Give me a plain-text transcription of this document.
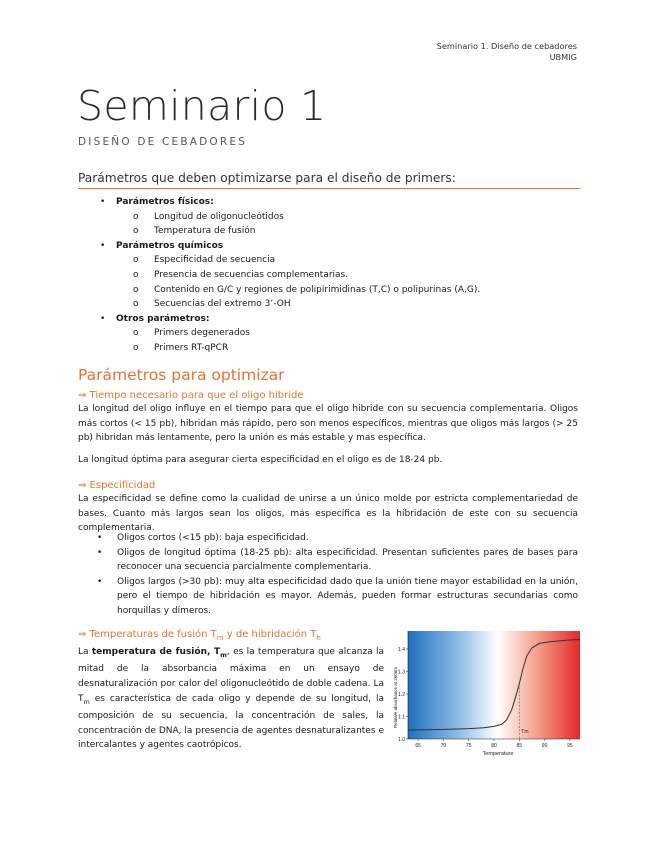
Seminario 1. Diseño de cebadores
UBMIG
Seminario 1
DISEÑO DE CEBADORES
Parámetros que deben optimizarse para el diseño de primers:
•	Parámetros físicos:
o	Longitud de oligonucleótidos
o	Temperatura de fusión
•	Parámetros químicos
o	Especificidad de secuencia
o	Presencia de secuencias complementarias.
o	Contenido en G/C y regiones de polipirimidinas (T,C) o polipurinas (A,G).
o	Secuencias del extremo 3’-OH
•	Otros parámetros:
o	Primers degenerados
o	Primers RT-qPCR
Parámetros para optimizar
⇒ Tiempo necesario para que el oligo hibride
La longitud del oligo influye en el tiempo para que el oligo hibride con su secuencia complementaria. Oligos más cortos (< 15 pb), hibridan más rápido, pero son menos específicos, mientras que oligos más largos (> 25 pb) hibridan más lentamente, pero la unión es más estable y mas específica.
La longitud óptima para asegurar cierta especificidad en el oligo es de 18-24 pb.
⇒ Especificidad
La especificidad se define como la cualidad de unirse a un único molde por estricta complementariedad de bases. Cuanto más largos sean los oligos, más específica es la hibridación de este con su secuencia complementaria.
•	Oligos cortos (<15 pb): baja especificidad.
•	Oligos de longitud óptima (18-25 pb): alta especificidad. Presentan suficientes pares de bases para reconocer una secuencia parcialmente complementaria.
•	Oligos largos (>30 pb): muy alta especificidad dado que la unión tiene mayor estabilidad en la unión, pero el tiempo de hibridación es mayor. Además, pueden formar estructuras secundarias como horquillas y dímeros.
⇒ Temperaturas de fusión $T_m$ y de hibridación $T_h$
La temperatura de fusión, $T_m$, es la temperatura que alcanza la mitad de la absorbancia máxima en un ensayo de desnaturalización por calor del oligonucleótido de doble cadena. La $T_m$ es característica de cada oligo y depende de su longitud, la composición de su secuencia, la concentración de sales, la concentración de DNA, la presencia de agentes desnaturalizantes e intercalantes y agentes caotrópicos.
Relative absorbance at 260nm
Temperature
65	70	75	80	85	90	95
1.0
1.1
1.2
1.3
1.4
Tm
